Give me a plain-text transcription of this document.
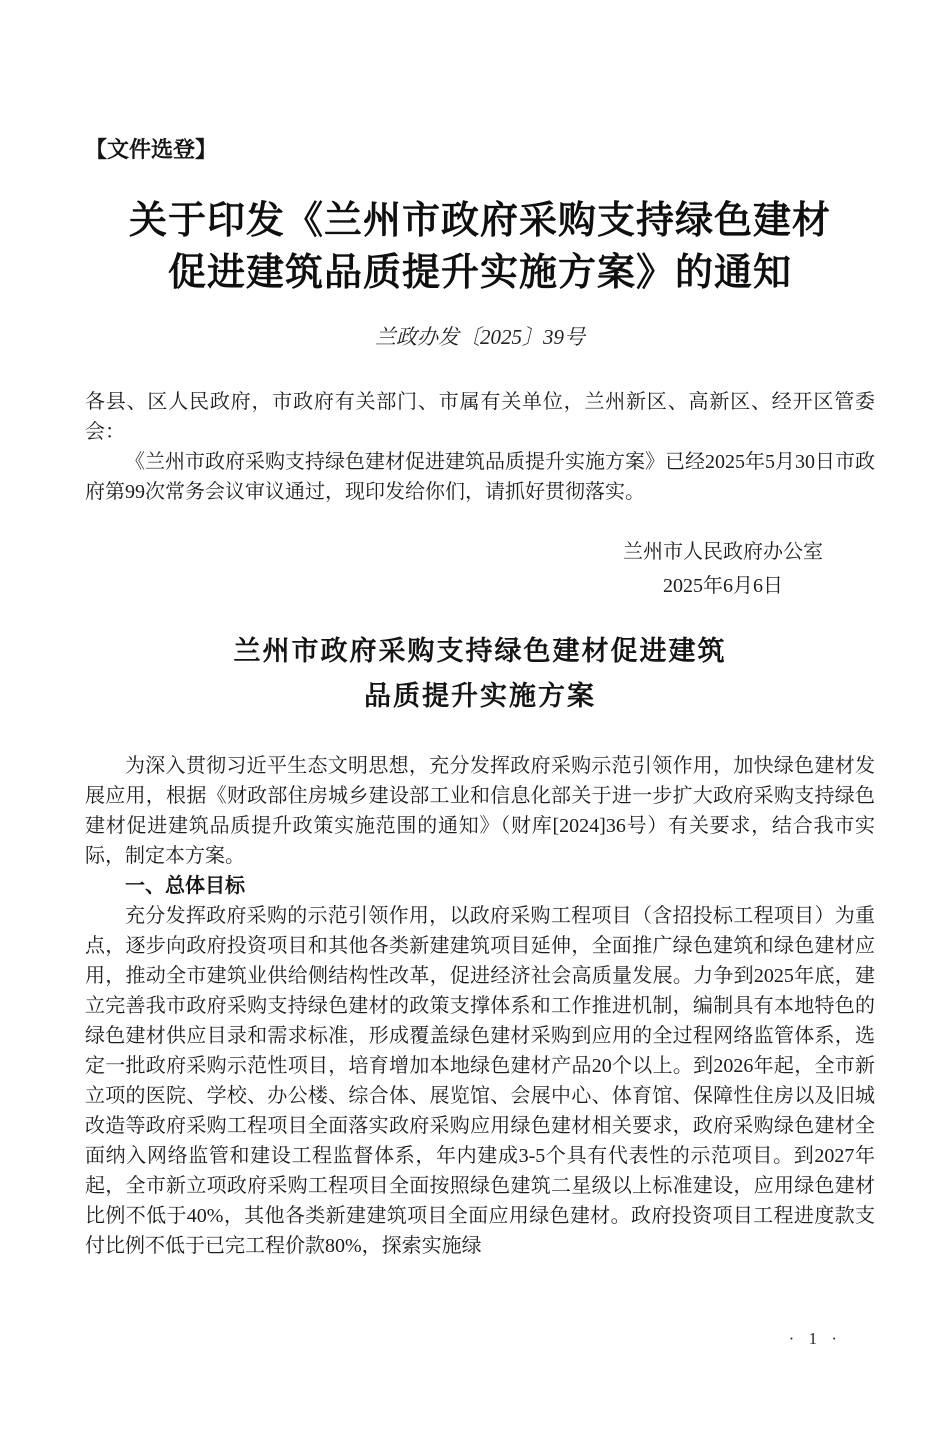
【文件选登】
关于印发《兰州市政府采购支持绿色建材
促进建筑品质提升实施方案》的通知
兰政办发〔2025〕39号

各县、区人民政府，市政府有关部门、市属有关单位，兰州新区、高新区、经开区管委会：

《兰州市政府采购支持绿色建材促进建筑品质提升实施方案》已经2025年5月30日市政府第99次常务会议审议通过，现印发给你们，请抓好贯彻落实。

兰州市人民政府办公室
2025年6月6日
兰州市政府采购支持绿色建材促进建筑
品质提升实施方案

为深入贯彻习近平生态文明思想，充分发挥政府采购示范引领作用，加快绿色建材发展应用，根据《财政部住房城乡建设部工业和信息化部关于进一步扩大政府采购支持绿色建材促进建筑品质提升政策实施范围的通知》（财库[2024]36号）有关要求，结合我市实际，制定本方案。

一、总体目标

充分发挥政府采购的示范引领作用，以政府采购工程项目（含招投标工程项目）为重点，逐步向政府投资项目和其他各类新建建筑项目延伸，全面推广绿色建筑和绿色建材应用，推动全市建筑业供给侧结构性改革，促进经济社会高质量发展。力争到2025年底，建立完善我市政府采购支持绿色建材的政策支撑体系和工作推进机制，编制具有本地特色的绿色建材供应目录和需求标准，形成覆盖绿色建材采购到应用的全过程网络监管体系，选定一批政府采购示范性项目，培育增加本地绿色建材产品20个以上。到2026年起，全市新立项的医院、学校、办公楼、综合体、展览馆、会展中心、体育馆、保障性住房以及旧城改造等政府采购工程项目全面落实政府采购应用绿色建材相关要求，政府采购绿色建材全面纳入网络监管和建设工程监督体系，年内建成3-5个具有代表性的示范项目。到2027年起，全市新立项政府采购工程项目全面按照绿色建筑二星级以上标准建设，应用绿色建材比例不低于40%，其他各类新建建筑项目全面应用绿色建材。政府投资项目工程进度款支付比例不低于已完工程价款80%，探索实施绿

· 1 ·
